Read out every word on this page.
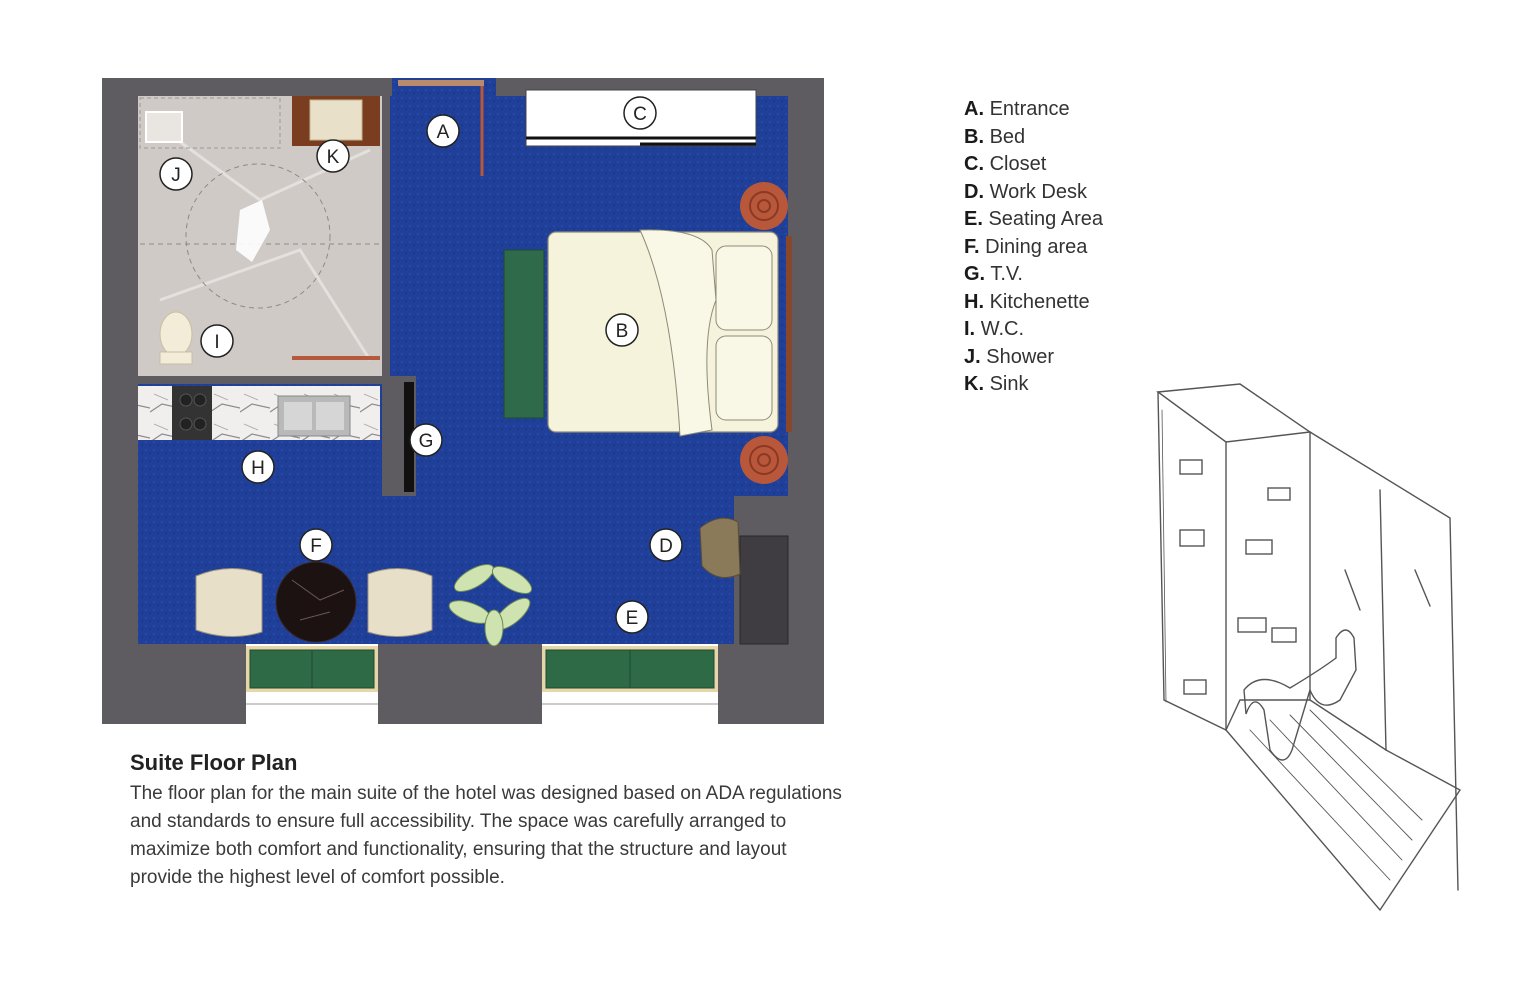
A
B
C
D
E
F
G
H
I
J
K
Suite Floor Plan
The floor plan for the main suite of the hotel was designed based on ADA regulations and standards to ensure full accessibility. The space was carefully arranged to maximize both comfort and functionality, ensuring that the structure and layout provide the highest level of comfort possible.
A. Entrance
B. Bed
C. Closet
D. Work Desk
E. Seating Area
F. Dining area
G. T.V.
H. Kitchenette
I. W.C.
J. Shower
K. Sink
